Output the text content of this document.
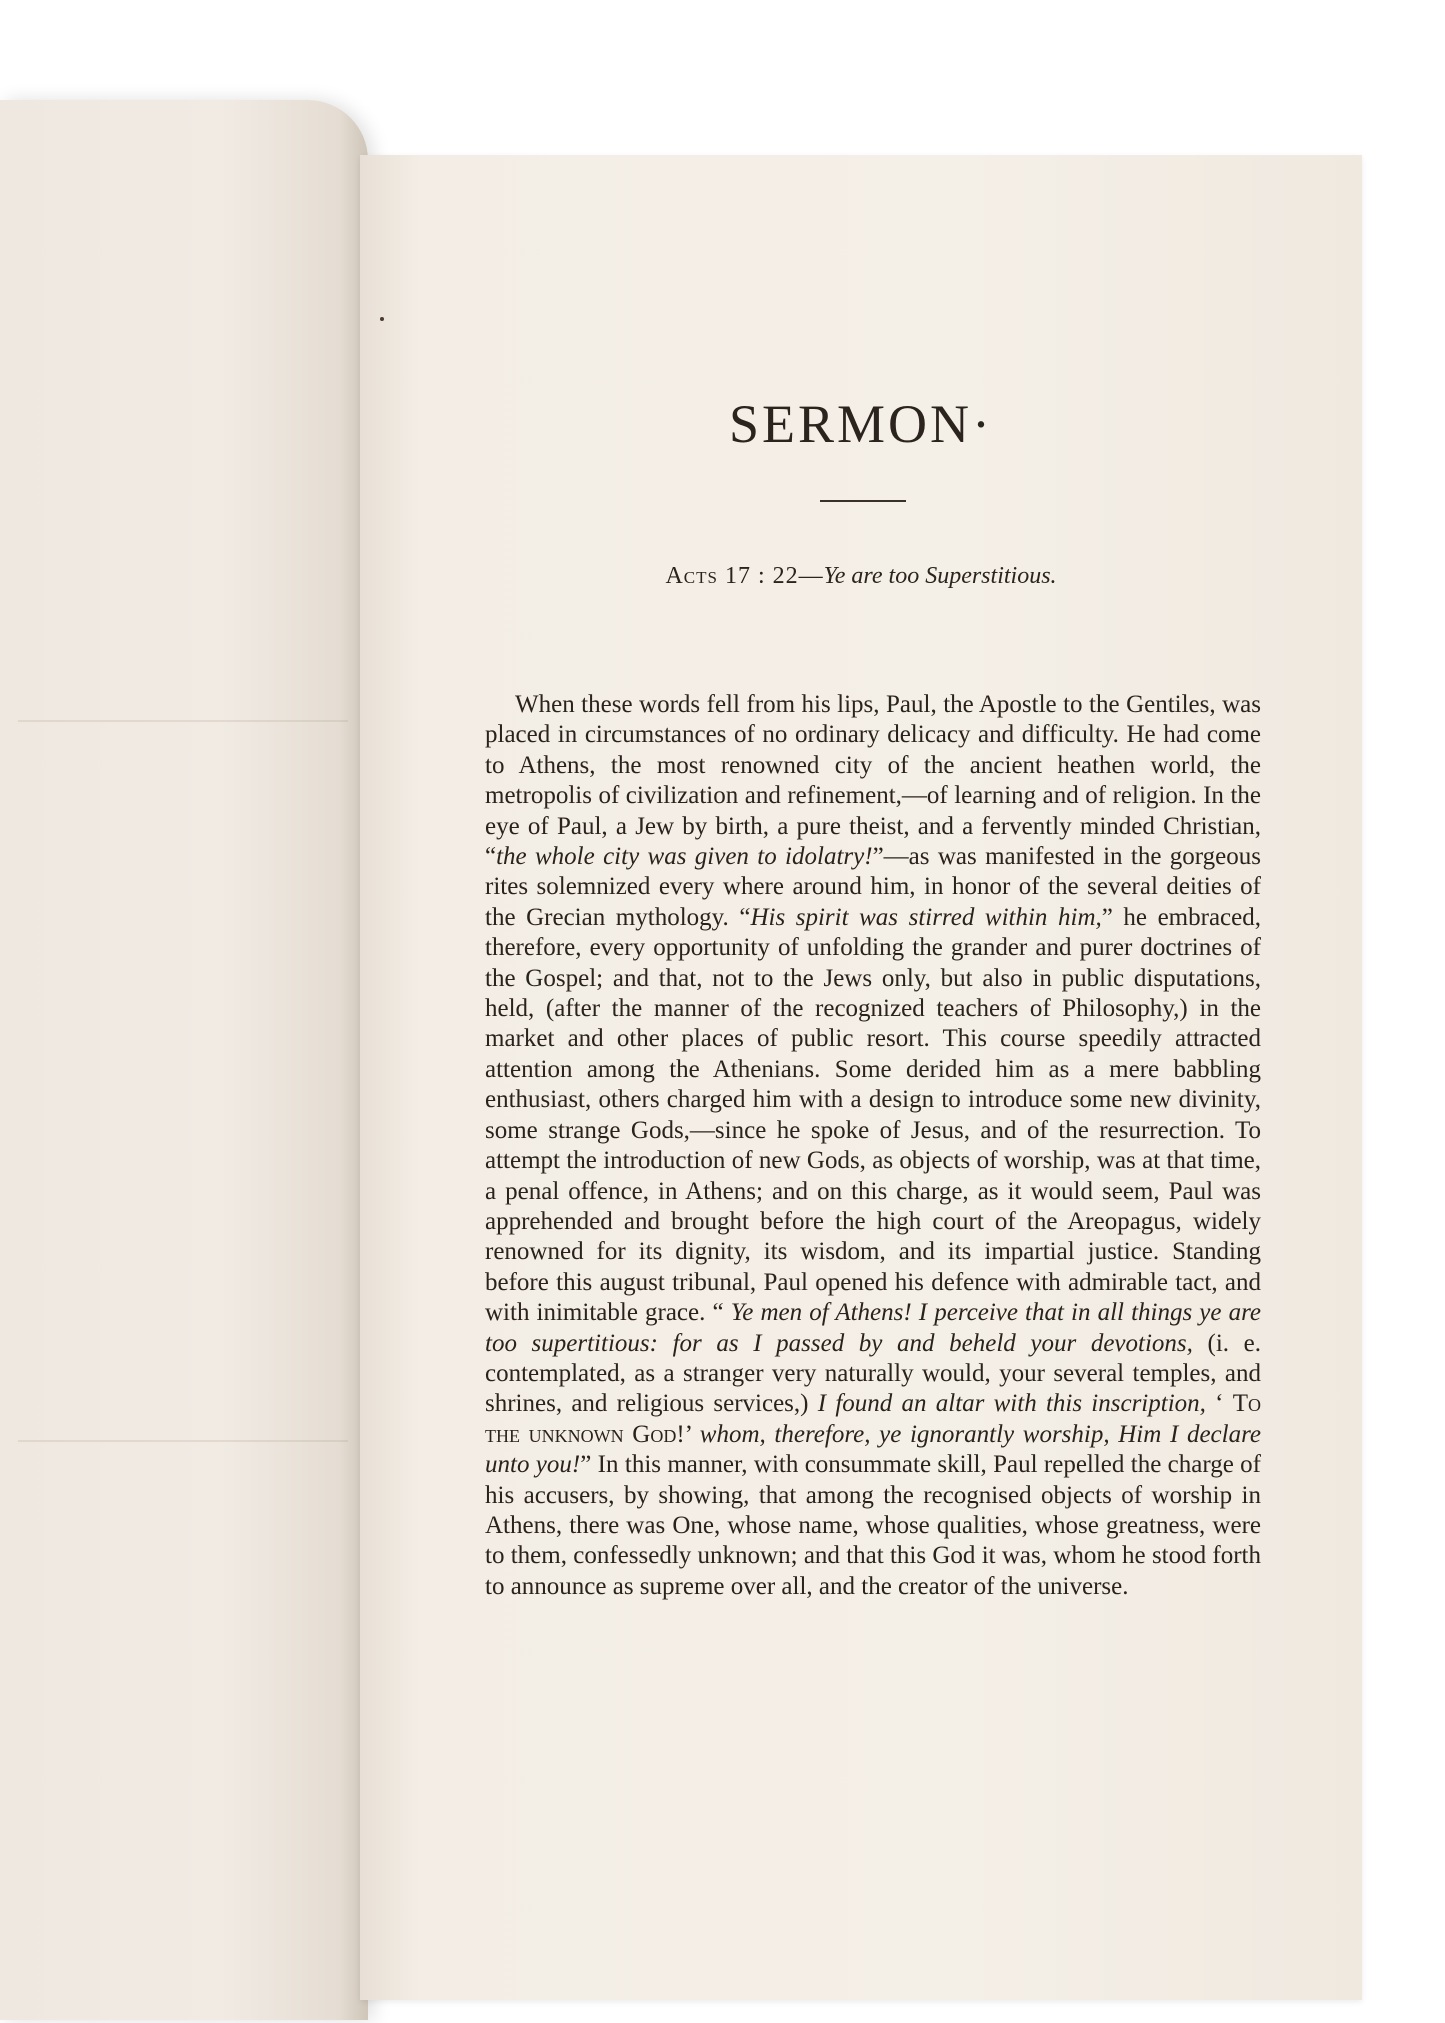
SERMON·
Acts 17 : 22—Ye are too Superstitious.

When these words fell from his lips, Paul, the Apostle to the Gentiles, was placed in circumstances of no ordinary delicacy and difficulty. He had come to Athens, the most renowned city of the ancient heathen world, the metropolis of civilization and refinement,—of learning and of religion. In the eye of Paul, a Jew by birth, a pure theist, and a fervently minded Christian, “the whole city was given to idolatry!”—as was manifested in the gorgeous rites solemnized every where around him, in honor of the several deities of the Grecian mythology. “His spirit was stirred within him,” he embraced, therefore, every opportunity of unfolding the grander and purer doctrines of the Gospel; and that, not to the Jews only, but also in public disputations, held, (after the manner of the recognized teachers of Philosophy,) in the market and other places of public resort. This course speedily attracted attention among the Athenians. Some derided him as a mere babbling enthusiast, others charged him with a design to introduce some new divinity, some strange Gods,—since he spoke of Jesus, and of the resurrection. To attempt the introduction of new Gods, as objects of worship, was at that time, a penal offence, in Athens; and on this charge, as it would seem, Paul was apprehended and brought before the high court of the Areopagus, widely renowned for its dignity, its wisdom, and its impartial justice. Standing before this august tribunal, Paul opened his defence with admirable tact, and with inimitable grace. “ Ye men of Athens! I perceive that in all things ye are too supertitious: for as I passed by and beheld your devotions, (i. e. contemplated, as a stranger very naturally would, your several temples, and shrines, and religious services,) I found an altar with this inscription, ‘ To the unknown God!’ whom, therefore, ye ignorantly worship, Him I declare unto you!” In this manner, with consummate skill, Paul repelled the charge of his accusers, by showing, that among the recognised objects of worship in Athens, there was One, whose name, whose qualities, whose greatness, were to them, confessedly unknown; and that this God it was, whom he stood forth to announce as supreme over all, and the creator of the universe.
